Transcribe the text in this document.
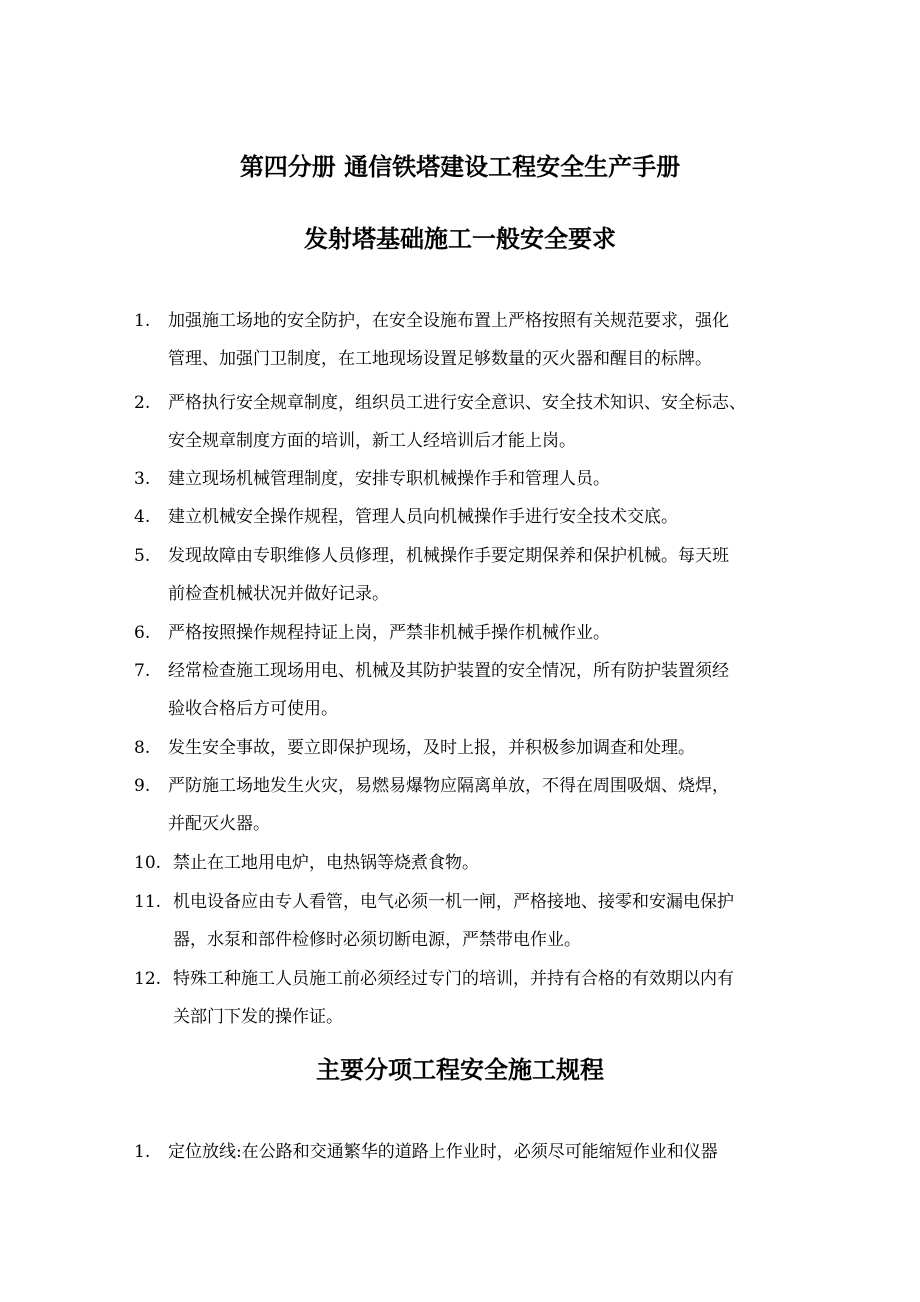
第四分册 通信铁塔建设工程安全生产手册
发射塔基础施工一般安全要求
1. 加强施工场地的安全防护，在安全设施布置上严格按照有关规范要求，强化
管理、加强门卫制度，在工地现场设置足够数量的灭火器和醒目的标牌。
2. 严格执行安全规章制度，组织员工进行安全意识、安全技术知识、安全标志、
安全规章制度方面的培训，新工人经培训后才能上岗。
3. 建立现场机械管理制度，安排专职机械操作手和管理人员。
4. 建立机械安全操作规程，管理人员向机械操作手进行安全技术交底。
5. 发现故障由专职维修人员修理，机械操作手要定期保养和保护机械。每天班
前检查机械状况并做好记录。
6. 严格按照操作规程持证上岗，严禁非机械手操作机械作业。
7. 经常检查施工现场用电、机械及其防护装置的安全情况，所有防护装置须经
验收合格后方可使用。
8. 发生安全事故，要立即保护现场，及时上报，并积极参加调查和处理。
9. 严防施工场地发生火灾，易燃易爆物应隔离单放，不得在周围吸烟、烧焊，
并配灭火器。
10. 禁止在工地用电炉，电热锅等烧煮食物。
11. 机电设备应由专人看管，电气必须一机一闸，严格接地、接零和安漏电保护
器，水泵和部件检修时必须切断电源，严禁带电作业。
12. 特殊工种施工人员施工前必须经过专门的培训，并持有合格的有效期以内有
关部门下发的操作证。
主要分项工程安全施工规程
1. 定位放线:在公路和交通繁华的道路上作业时，必须尽可能缩短作业和仪器
